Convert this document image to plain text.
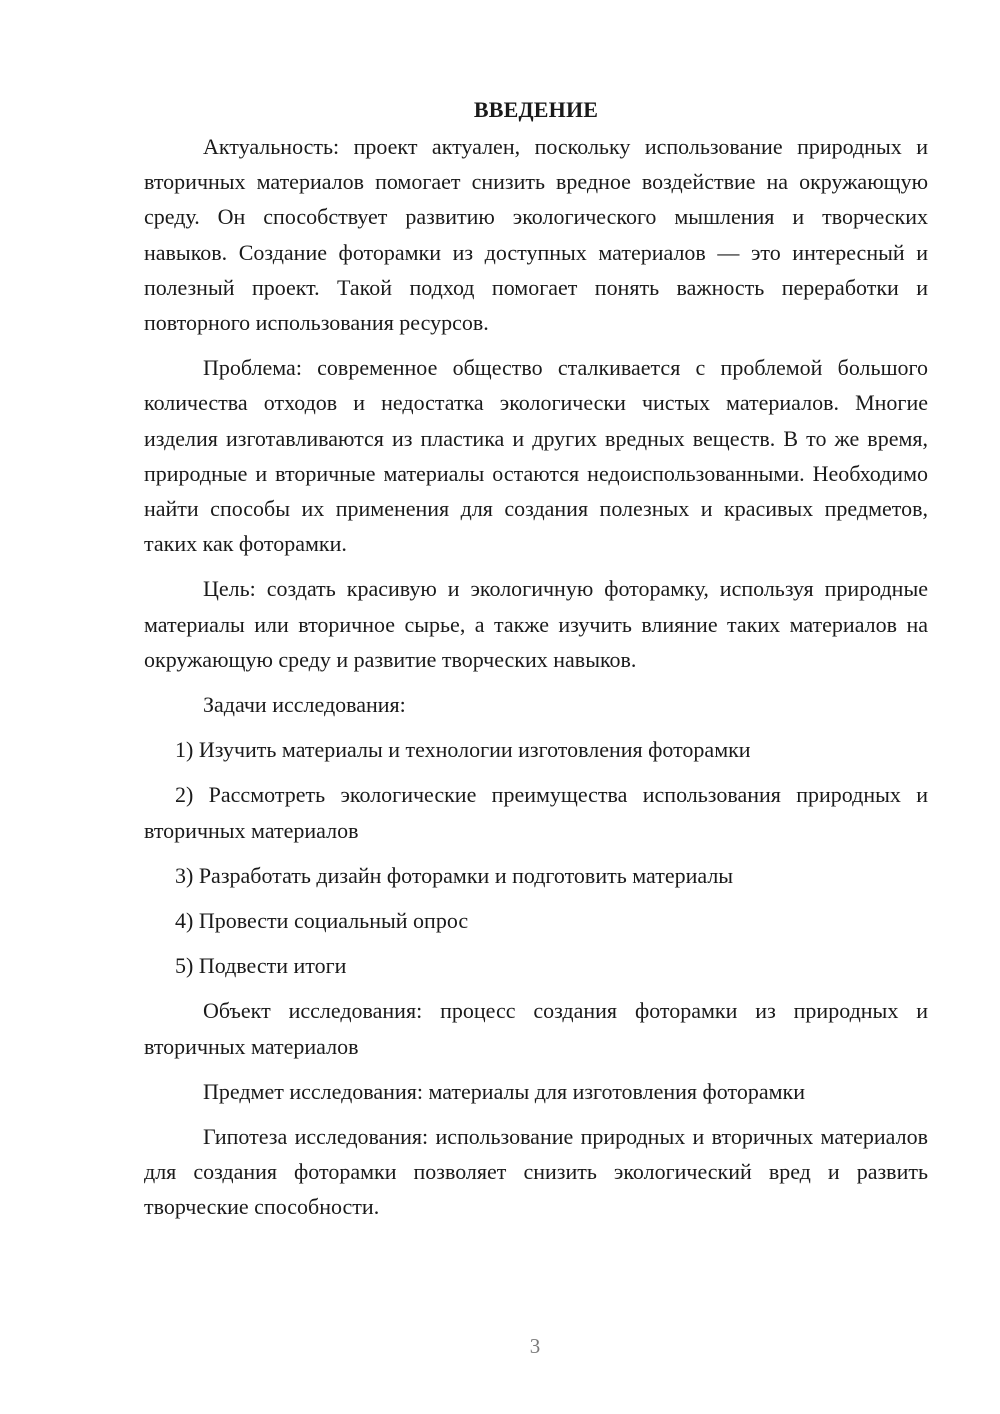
ВВЕДЕНИЕ

Актуальность: проект актуален, поскольку использование природных и вторичных материалов помогает снизить вредное воздействие на окружающую среду. Он способствует развитию экологического мышления и творческих навыков. Создание фоторамки из доступных материалов — это интересный и полезный проект. Такой подход помогает понять важность переработки и повторного использования ресурсов.

Проблема: современное общество сталкивается с проблемой большого количества отходов и недостатка экологически чистых материалов. Многие изделия изготавливаются из пластика и других вредных веществ. В то же время, природные и вторичные материалы остаются недоиспользованными. Необходимо найти способы их применения для создания полезных и красивых предметов, таких как фоторамки.

Цель: создать красивую и экологичную фоторамку, используя природные материалы или вторичное сырье, а также изучить влияние таких материалов на окружающую среду и развитие творческих навыков.

Задачи исследования:

1) Изучить материалы и технологии изготовления фоторамки

2) Рассмотреть экологические преимущества использования природных и вторичных материалов

3) Разработать дизайн фоторамки и подготовить материалы

4) Провести социальный опрос

5) Подвести итоги

Объект исследования: процесс создания фоторамки из природных и вторичных материалов

Предмет исследования: материалы для изготовления фоторамки

Гипотеза исследования: использование природных и вторичных материалов для создания фоторамки позволяет снизить экологический вред и развить творческие способности.

3
